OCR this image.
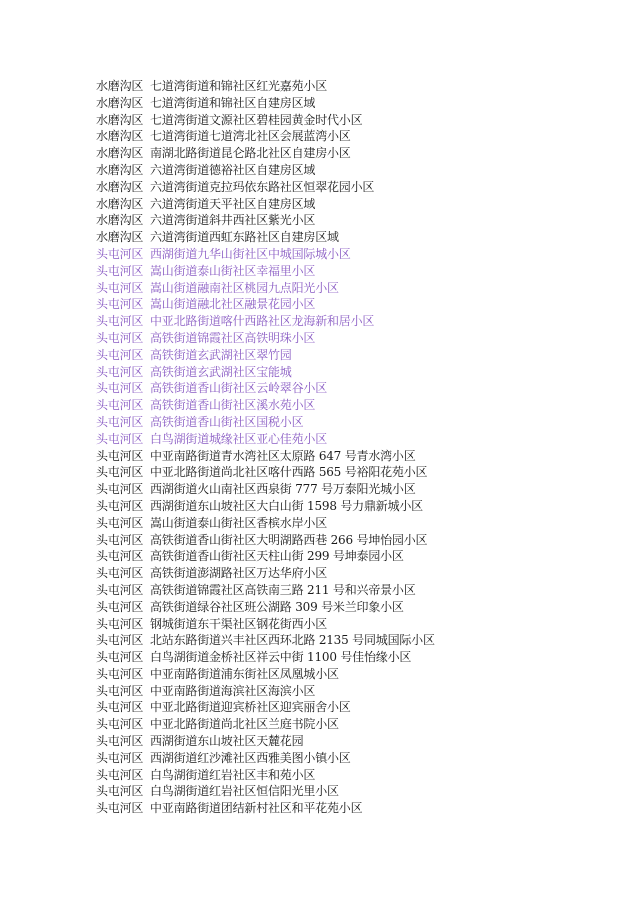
水磨沟区 七道湾街道和锦社区红光嘉苑小区
水磨沟区 七道湾街道和锦社区自建房区域
水磨沟区 七道湾街道文源社区碧桂园黄金时代小区
水磨沟区 七道湾街道七道湾北社区会展蓝湾小区
水磨沟区 南湖北路街道昆仑路北社区自建房小区
水磨沟区 六道湾街道德裕社区自建房区域
水磨沟区 六道湾街道克拉玛依东路社区恒翠花园小区
水磨沟区 六道湾街道天平社区自建房区域
水磨沟区 六道湾街道斜井西社区紫光小区
水磨沟区 六道湾街道西虹东路社区自建房区域
头屯河区 西湖街道九华山街社区中城国际城小区
头屯河区 嵩山街道泰山街社区幸福里小区
头屯河区 嵩山街道融南社区桃园九点阳光小区
头屯河区 嵩山街道融北社区融景花园小区
头屯河区 中亚北路街道喀什西路社区龙海新和居小区
头屯河区 高铁街道锦霞社区高铁明珠小区
头屯河区 高铁街道玄武湖社区翠竹园
头屯河区 高铁街道玄武湖社区宝能城
头屯河区 高铁街道香山街社区云岭翠谷小区
头屯河区 高铁街道香山街社区溪水苑小区
头屯河区 高铁街道香山街社区国税小区
头屯河区 白鸟湖街道城缘社区亚心佳苑小区
头屯河区 中亚南路街道青水湾社区太原路 647 号青水湾小区
头屯河区 中亚北路街道尚北社区喀什西路 565 号裕阳花苑小区
头屯河区 西湖街道火山南社区西泉街 777 号万泰阳光城小区
头屯河区 西湖街道东山坡社区大白山街 1598 号力鼎新城小区
头屯河区 嵩山街道泰山街社区香槟水岸小区
头屯河区 高铁街道香山街社区大明湖路西巷 266 号坤怡园小区
头屯河区 高铁街道香山街社区天柱山街 299 号坤泰园小区
头屯河区 高铁街道澎湖路社区万达华府小区
头屯河区 高铁街道锦霞社区高铁南三路 211 号和兴帝景小区
头屯河区 高铁街道绿谷社区班公湖路 309 号米兰印象小区
头屯河区 钢城街道东干渠社区钢花街西小区
头屯河区 北站东路街道兴丰社区西环北路 2135 号同城国际小区
头屯河区 白鸟湖街道金桥社区祥云中街 1100 号佳怡缘小区
头屯河区 中亚南路街道浦东街社区凤凰城小区
头屯河区 中亚南路街道海滨社区海滨小区
头屯河区 中亚北路街道迎宾桥社区迎宾丽舍小区
头屯河区 中亚北路街道尚北社区兰庭书院小区
头屯河区 西湖街道东山坡社区天麓花园
头屯河区 西湖街道红沙滩社区西雅美图小镇小区
头屯河区 白鸟湖街道红岩社区丰和苑小区
头屯河区 白鸟湖街道红岩社区恒信阳光里小区
头屯河区 中亚南路街道团结新村社区和平花苑小区
